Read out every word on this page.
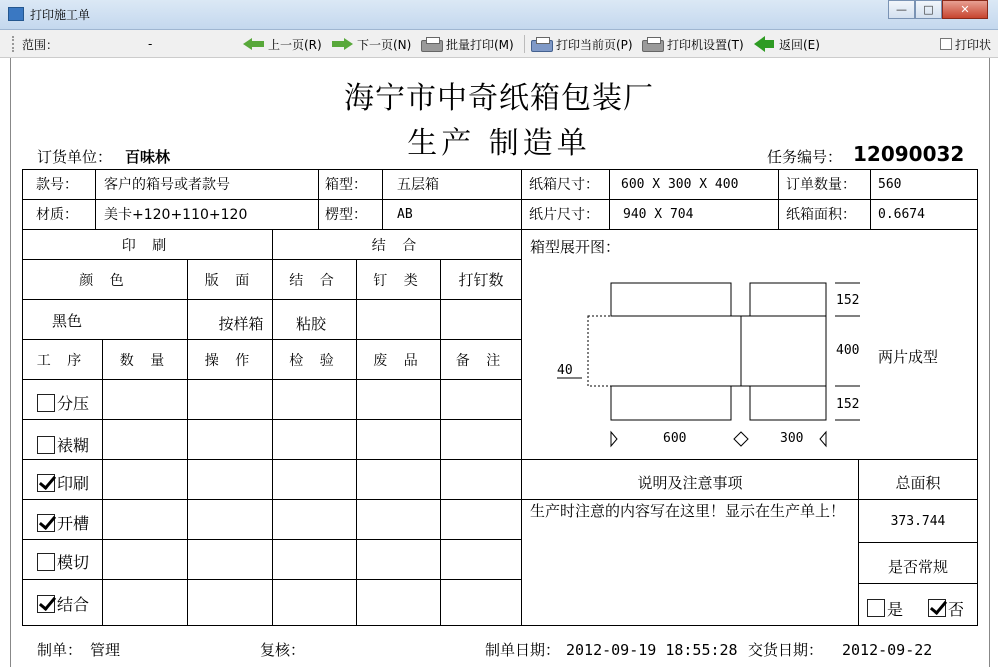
打印施工单	—	□	✕
范围：	-	上一页(R)	下一页(N)	批量打印(M)	打印当前页(P)	打印机设置(T)	返回(E)	打印状
海宁市中奇纸箱包装厂
生产 制造单
订货单位： 百味林	任务编号： 12090032
款号：	客户的箱号或者款号	箱型：	五层箱	纸箱尺寸：	600 X 300 X 400	订单数量：	560
材质：	美卡+120+110+120	楞型：	AB	纸片尺寸：	940 X 704	纸箱面积：	0.6674
印 刷	结 合
颜 色	版 面	结 合	钉 类	打钉数
黑色	按样箱	粘胶
工 序	数 量	操 作	检 验	废 品	备 注
分压
裱糊
印刷
开槽
模切
结合
箱型展开图：
152
400
152
40
600	300
两片成型
说明及注意事项
生产时注意的内容写在这里！显示在生产单上！
总面积
373.744
是否常规
是	否
制单： 管理	复核：	制单日期： 2012-09-19 18:55:28 交货日期： 2012-09-22
